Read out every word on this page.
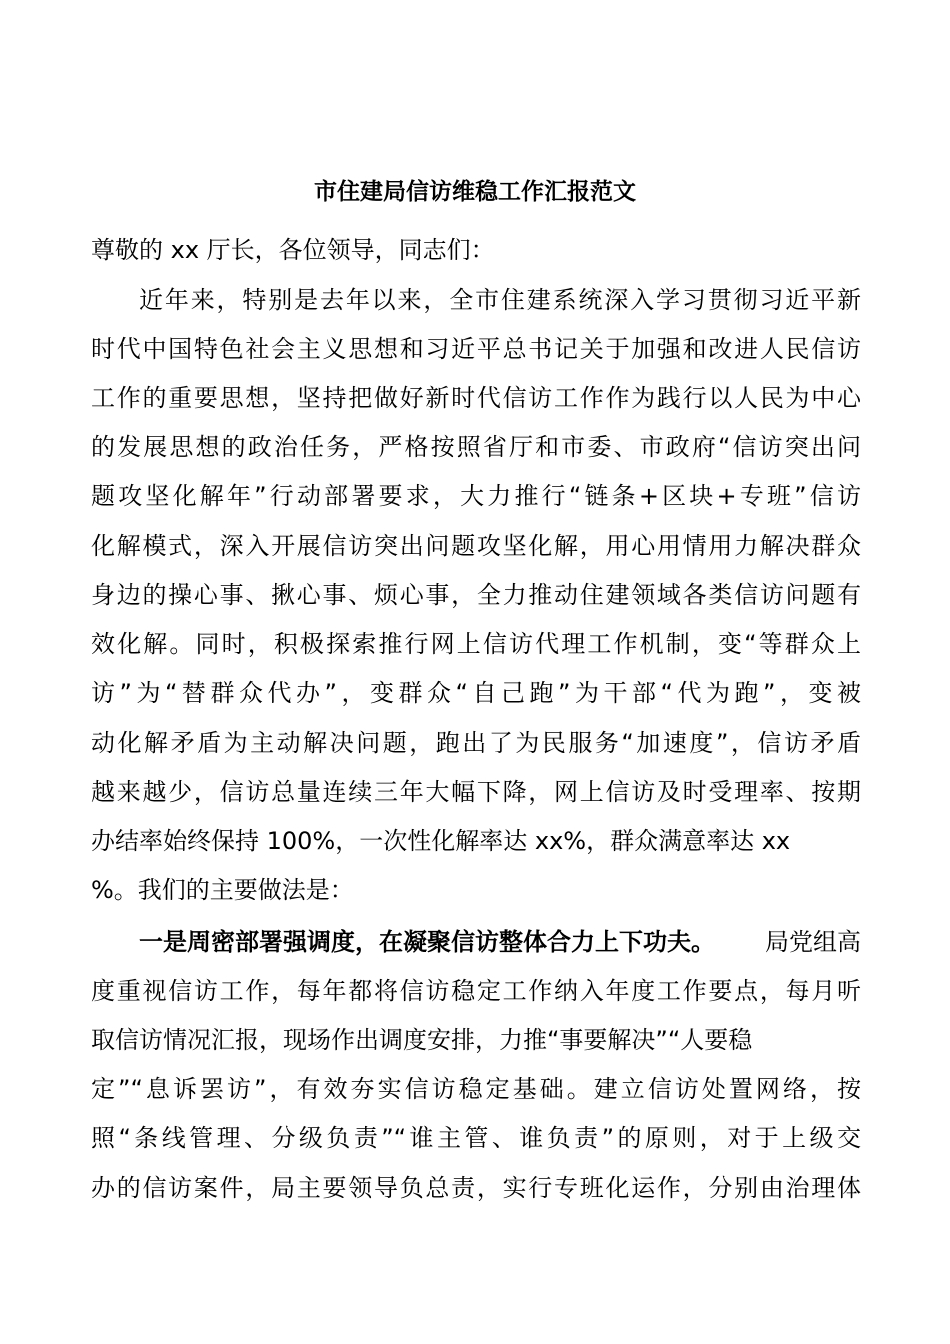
市住建局信访维稳工作汇报范文
尊敬的 xx 厅长，各位领导，同志们：
近年来，特别是去年以来，全市住建系统深入学习贯彻习近平新
时代中国特色社会主义思想和习近平总书记关于加强和改进人民信访
工作的重要思想，坚持把做好新时代信访工作作为践行以人民为中心
的发展思想的政治任务，严格按照省厅和市委、市政府“信访突出问
题攻坚化解年”行动部署要求，大力推行“链条+区块+专班”信访
化解模式，深入开展信访突出问题攻坚化解，用心用情用力解决群众
身边的操心事、揪心事、烦心事，全力推动住建领域各类信访问题有
效化解。同时，积极探索推行网上信访代理工作机制，变“等群众上
访”为“替群众代办”，变群众“自己跑”为干部“代为跑”，变被
动化解矛盾为主动解决问题，跑出了为民服务“加速度”，信访矛盾
越来越少，信访总量连续三年大幅下降，网上信访及时受理率、按期
办结率始终保持 100%，一次性化解率达 xx%，群众满意率达 xx
%。我们的主要做法是：
一是周密部署强调度，在凝聚信访整体合力上下功夫。 局党组高
度重视信访工作，每年都将信访稳定工作纳入年度工作要点，每月听
取信访情况汇报，现场作出调度安排，力推“事要解决”“人要稳
定”“息诉罢访”，有效夯实信访稳定基础。建立信访处置网络，按
照“条线管理、分级负责”“谁主管、谁负责”的原则，对于上级交
办的信访案件，局主要领导负总责，实行专班化运作，分别由治理体
